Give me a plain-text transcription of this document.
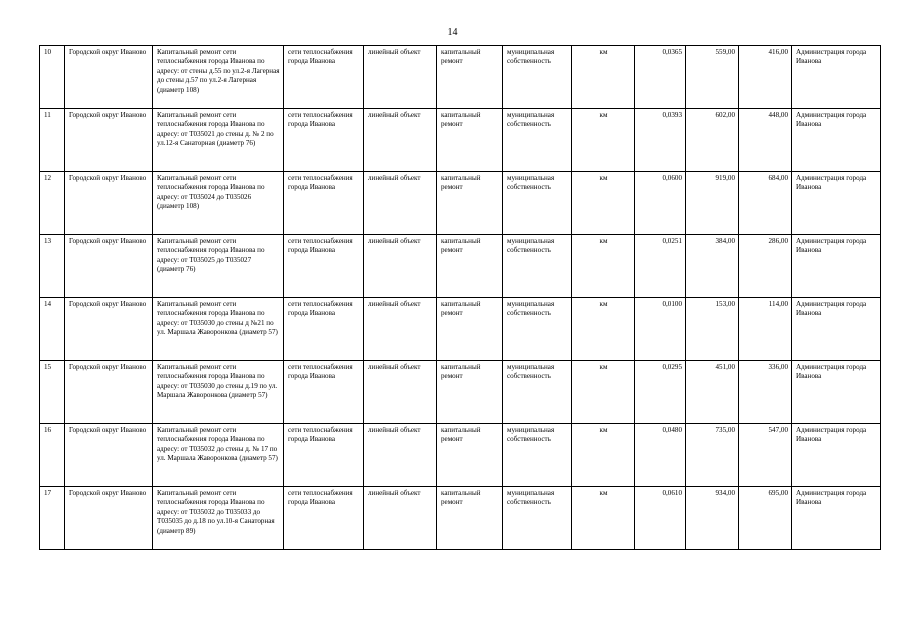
14
10	Городской округ Иваново	Капитальный ремонт сети теплоснабжения города Иванова по адресу: от стены д.55 по ул.2-я Лагерная до стены д.57 по ул.2-я Лагерная (диаметр 108)	сети теплоснабжения города Иванова	линейный объект	капитальный ремонт	муниципальная собственность	км	0,0365	559,00	416,00	Администрация города Иванова
11	Городской округ Иваново	Капитальный ремонт сети теплоснабжения города Иванова по адресу: от Т035021 до стены д. № 2 по ул.12-я Санаторная (диаметр 76)	сети теплоснабжения города Иванова	линейный объект	капитальный ремонт	муниципальная собственность	км	0,0393	602,00	448,00	Администрация города Иванова
12	Городской округ Иваново	Капитальный ремонт сети теплоснабжения города Иванова по адресу: от Т035024 до Т035026 (диаметр 108)	сети теплоснабжения города Иванова	линейный объект	капитальный ремонт	муниципальная собственность	км	0,0600	919,00	684,00	Администрация города Иванова
13	Городской округ Иваново	Капитальный ремонт сети теплоснабжения города Иванова по адресу: от Т035025 до Т035027 (диаметр 76)	сети теплоснабжения города Иванова	линейный объект	капитальный ремонт	муниципальная собственность	км	0,0251	384,00	286,00	Администрация города Иванова
14	Городской округ Иваново	Капитальный ремонт сети теплоснабжения города Иванова по адресу: от Т035030 до стены д №21 по ул. Маршала Жаворонкова (диаметр 57)	сети теплоснабжения города Иванова	линейный объект	капитальный ремонт	муниципальная собственность	км	0,0100	153,00	114,00	Администрация города Иванова
15	Городской округ Иваново	Капитальный ремонт сети теплоснабжения города Иванова по адресу: от Т035030 до стены д.19 по ул. Маршала Жаворонкова (диаметр 57)	сети теплоснабжения города Иванова	линейный объект	капитальный ремонт	муниципальная собственность	км	0,0295	451,00	336,00	Администрация города Иванова
16	Городской округ Иваново	Капитальный ремонт сети теплоснабжения города Иванова по адресу: от Т035032 до стены д. № 17 по ул. Маршала Жаворонкова (диаметр 57)	сети теплоснабжения города Иванова	линейный объект	капитальный ремонт	муниципальная собственность	км	0,0480	735,00	547,00	Администрация города Иванова
17	Городской округ Иваново	Капитальный ремонт сети теплоснабжения города Иванова по адресу: от Т035032 до Т035033 до Т035035 до д.18 по ул.10-я Санаторная (диаметр 89)	сети теплоснабжения города Иванова	линейный объект	капитальный ремонт	муниципальная собственность	км	0,0610	934,00	695,00	Администрация города Иванова
